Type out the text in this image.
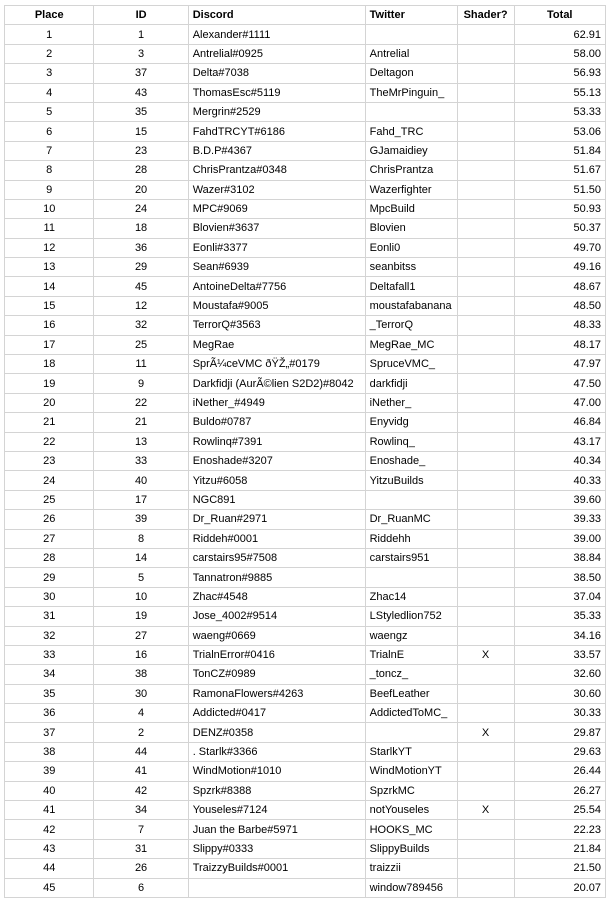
Place	ID	Discord	Twitter	Shader?	Total
1	1	Alexander#1111			62.91
2	3	Antrelial#0925	Antrelial		58.00
3	37	Delta#7038	Deltagon		56.93
4	43	ThomasEsc#5119	TheMrPinguin_		55.13
5	35	Mergrin#2529			53.33
6	15	FahdTRCYT#6186	Fahd_TRC		53.06
7	23	B.D.P#4367	GJamaidiey		51.84
8	28	ChrisPrantza#0348	ChrisPrantza		51.67
9	20	Wazer#3102	Wazerfighter		51.50
10	24	MPC#9069	MpcBuild		50.93
11	18	Blovien#3637	Blovien		50.37
12	36	Eonli#3377	Eonli0		49.70
13	29	Sean#6939	seanbitss		49.16
14	45	AntoineDelta#7756	Deltafall1		48.67
15	12	Moustafa#9005	moustafabanana		48.50
16	32	TerrorQ#3563	_TerrorQ		48.33
17	25	MegRae	MegRae_MC		48.17
18	11	SprÃ¼ceVMC ðŸŽ„#0179	SpruceVMC_		47.97
19	9	Darkfidji (AurÃ©lien S2D2)#8042	darkfidji		47.50
20	22	iNether_#4949	iNether_		47.00
21	21	Buldo#0787	Enyvidg		46.84
22	13	Rowlinq#7391	Rowlinq_		43.17
23	33	Enoshade#3207	Enoshade_		40.34
24	40	Yitzu#6058	YitzuBuilds		40.33
25	17	NGC891			39.60
26	39	Dr_Ruan#2971	Dr_RuanMC		39.33
27	8	Riddeh#0001	Riddehh		39.00
28	14	carstairs95#7508	carstairs951		38.84
29	5	Tannatron#9885			38.50
30	10	Zhac#4548	Zhac14		37.04
31	19	Jose_4002#9514	LStyledlion752		35.33
32	27	waeng#0669	waengz		34.16
33	16	TrialnError#0416	TrialnE	X	33.57
34	38	TonCZ#0989	_toncz_		32.60
35	30	RamonaFlowers#4263	BeefLeather		30.60
36	4	Addicted#0417	AddictedToMC_		30.33
37	2	DENZ#0358		X	29.87
38	44	. Starlk#3366	StarlkYT		29.63
39	41	WindMotion#1010	WindMotionYT		26.44
40	42	Spzrk#8388	SpzrkMC		26.27
41	34	Youseles#7124	notYouseles	X	25.54
42	7	Juan the Barbe#5971	HOOKS_MC		22.23
43	31	Slippy#0333	SlippyBuilds		21.84
44	26	TraizzyBuilds#0001	traizzii		21.50
45	6		window789456		20.07
